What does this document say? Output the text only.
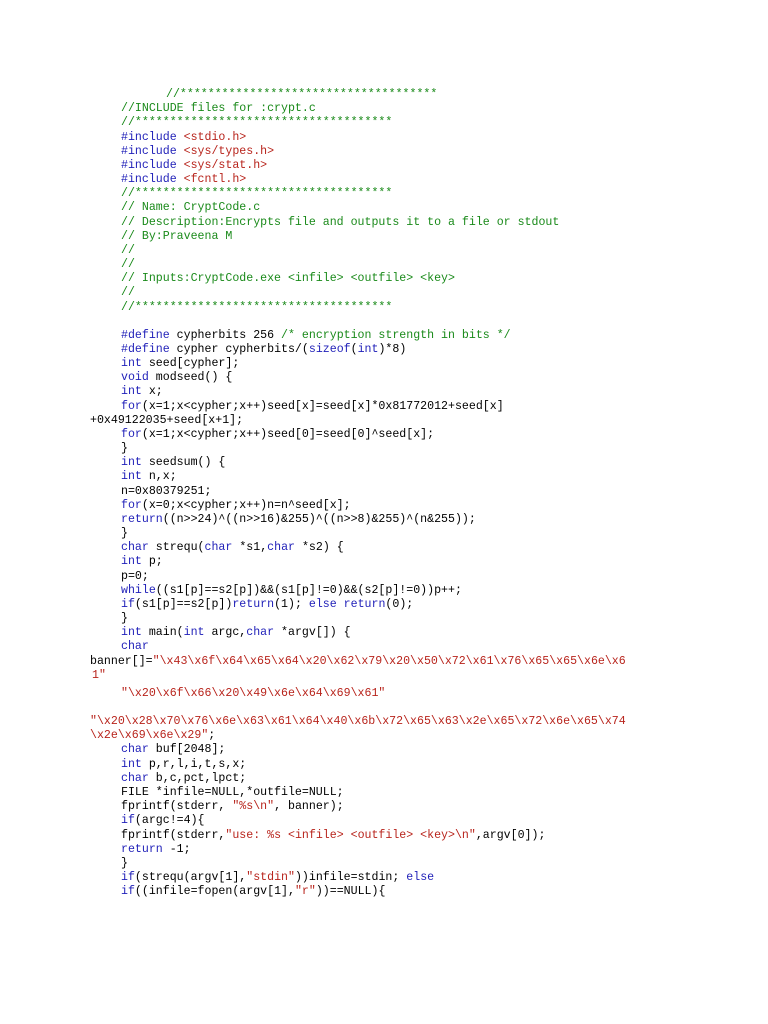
//*************************************
//INCLUDE files for :crypt.c
//*************************************
#include <stdio.h>
#include <sys/types.h>
#include <sys/stat.h>
#include <fcntl.h>
//*************************************
// Name: CryptCode.c
// Description:Encrypts file and outputs it to a file or stdout
// By:Praveena M
//
//
// Inputs:CryptCode.exe <infile> <outfile> <key>
//
//*************************************
#define cypherbits 256 /* encryption strength in bits */
#define cypher cypherbits/(sizeof(int)*8)
int seed[cypher];
void modseed() {
int x;
for(x=1;x<cypher;x++)seed[x]=seed[x]*0x81772012+seed[x]
+0x49122035+seed[x+1];
for(x=1;x<cypher;x++)seed[0]=seed[0]^seed[x];
}
int seedsum() {
int n,x;
n=0x80379251;
for(x=0;x<cypher;x++)n=n^seed[x];
return((n>>24)^((n>>16)&255)^((n>>8)&255)^(n&255));
}
char strequ(char *s1,char *s2) {
int p;
p=0;
while((s1[p]==s2[p])&&(s1[p]!=0)&&(s2[p]!=0))p++;
if(s1[p]==s2[p])return(1); else return(0);
}
int main(int argc,char *argv[]) {
char
banner[]="\x43\x6f\x64\x65\x64\x20\x62\x79\x20\x50\x72\x61\x76\x65\x65\x6e\x6
1"
"\x20\x6f\x66\x20\x49\x6e\x64\x69\x61"
"\x20\x28\x70\x76\x6e\x63\x61\x64\x40\x6b\x72\x65\x63\x2e\x65\x72\x6e\x65\x74
\x2e\x69\x6e\x29";
char buf[2048];
int p,r,l,i,t,s,x;
char b,c,pct,lpct;
FILE *infile=NULL,*outfile=NULL;
fprintf(stderr, "%s\n", banner);
if(argc!=4){
fprintf(stderr,"use: %s <infile> <outfile> <key>\n",argv[0]);
return -1;
}
if(strequ(argv[1],"stdin"))infile=stdin; else
if((infile=fopen(argv[1],"r"))==NULL){
